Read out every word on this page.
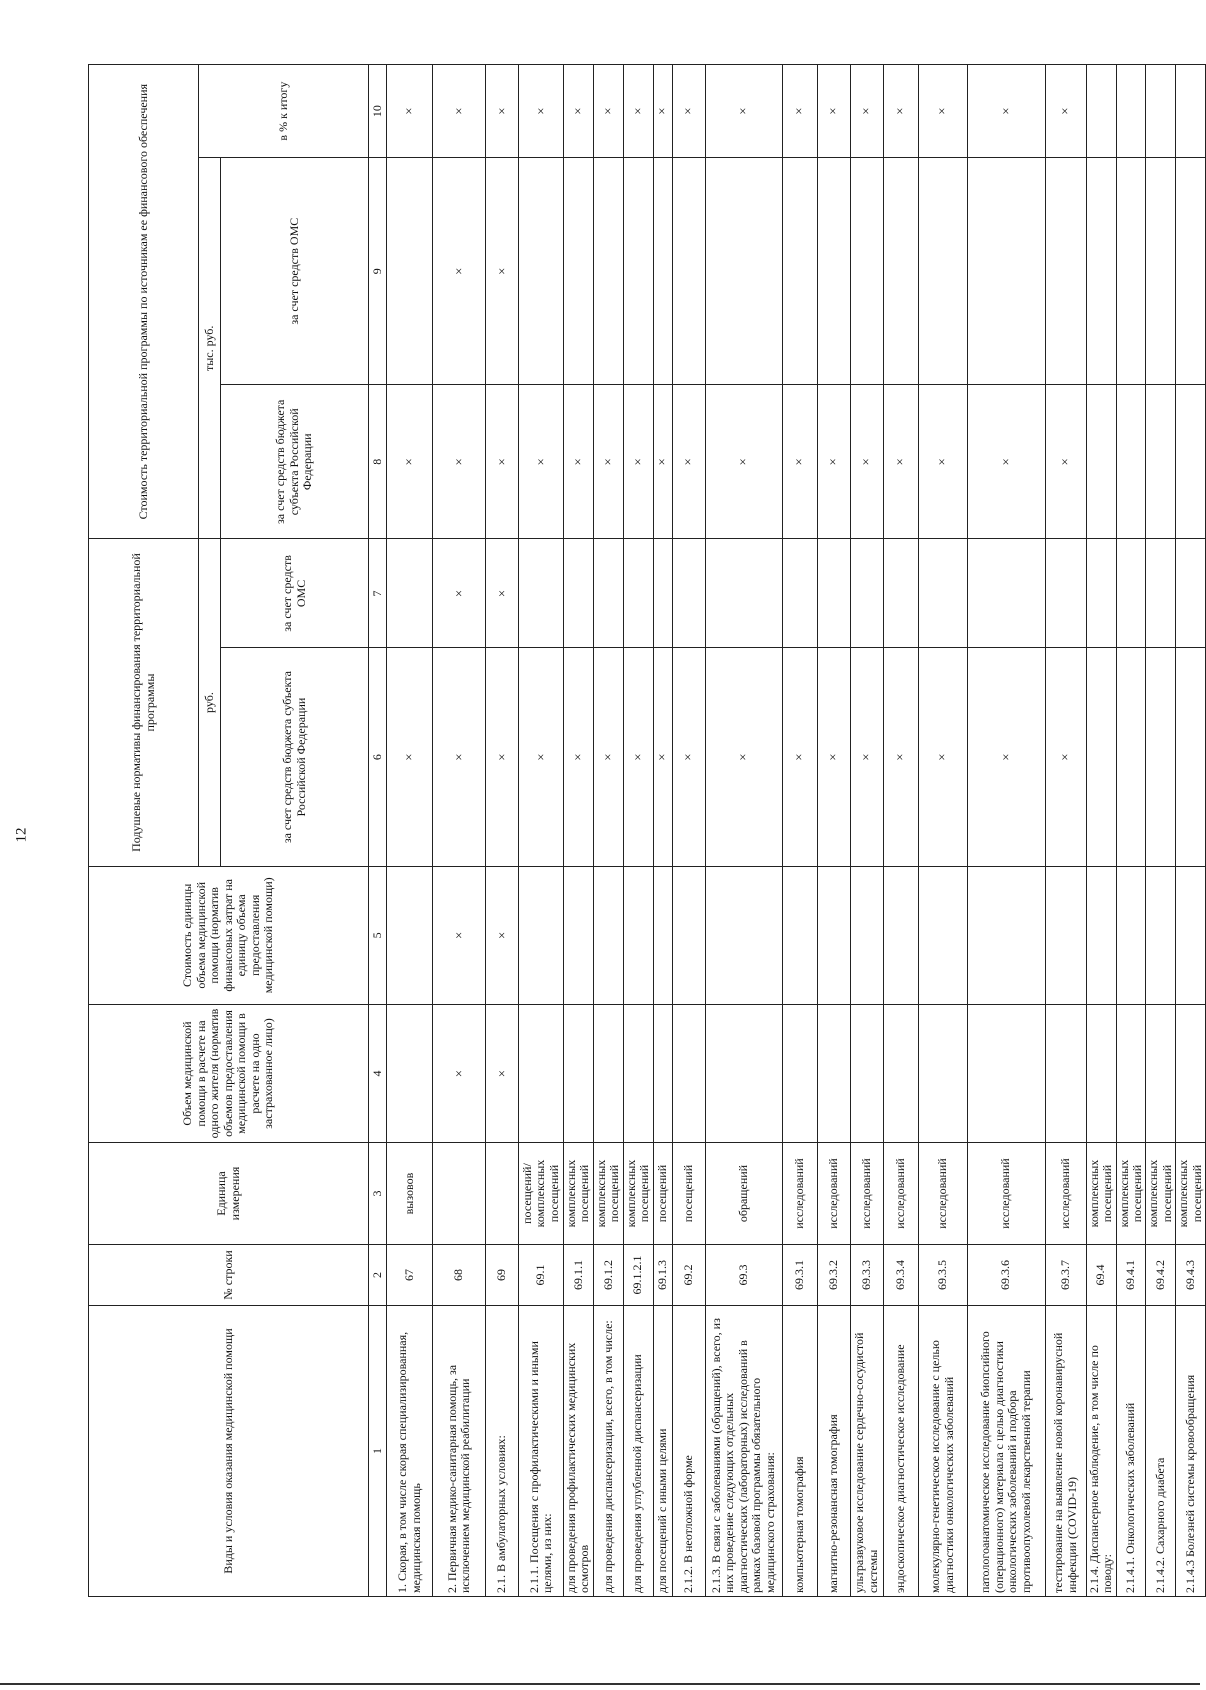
12
Виды и условия оказания медицинской помощи	№ строки	Единица измерения	Объем медицинской помощи в расчете на одного жителя (норматив объемов предоставления медицинской помощи в расчете на одно застрахованное лицо)	Стоимость единицы объема медицинской помощи (норматив финансовых затрат на единицу объема предоставления медицинской помощи)	Подушевые нормативы финансирования территориальной программы		Стоимость территориальной программы по источникам ее финансового обеспечения		
					руб.		тыс. руб.		в % к итогу
					за счет средств бюджета субъекта Российской Федерации	за счет средств ОМС	за счет средств бюджета субъекта Российской Федерации	за счет средств ОМС	
1	2	3	4	5	6	7	8	9	10
1. Скорая, в том числе скорая специализированная, медицинская помощь	67	вызовов			×		×		×
2. Первичная медико-санитарная помощь, за исключением медицинской реабилитации	68		×	×	×	×	×	×	×
2.1. В амбулаторных условиях:	69		×	×	×	×	×	×	×
2.1.1. Посещения с профилактическими и иными целями, из них:	69.1	посещений/комплексных посещений			×		×		×
для проведения профилактических медицинских осмотров	69.1.1	комплексных посещений			×		×		×
для проведения диспансеризации, всего, в том числе:	69.1.2	комплексных посещений			×		×		×
для проведения углубленной диспансеризации	69.1.2.1	комплексных посещений			×		×		×
для посещений с иными целями	69.1.3	посещений			×		×		×
2.1.2. В неотложной форме	69.2	посещений			×		×		×
2.1.3. В связи с заболеваниями (обращений), всего, из них проведение следующих отдельных диагностических (лабораторных) исследований в рамках базовой программы обязательного медицинского страхования:	69.3	обращений			×		×		×
компьютерная томография	69.3.1	исследований			×		×		×
магнитно-резонансная томография	69.3.2	исследований			×		×		×
ультразвуковое исследование сердечно-сосудистой системы	69.3.3	исследований			×		×		×
эндоскопическое диагностическое исследование	69.3.4	исследований			×		×		×
молекулярно-генетическое исследование с целью диагностики онкологических заболеваний	69.3.5	исследований			×		×		×
патологоанатомическое исследование биопсийного (операционного) материала с целью диагностики онкологических заболеваний и подбора противоопухолевой лекарственной терапии	69.3.6	исследований			×		×		×
тестирование на выявление новой коронавирусной инфекции (COVID-19)	69.3.7	исследований			×		×		×
2.1.4. Диспансерное наблюдение, в том числе по поводу:	69.4	комплексных посещений							
2.1.4.1. Онкологических заболеваний	69.4.1	комплексных посещений							
2.1.4.2. Сахарного диабета	69.4.2	комплексных посещений							
2.1.4.3 Болезней системы кровообращения	69.4.3	комплексных посещений							
